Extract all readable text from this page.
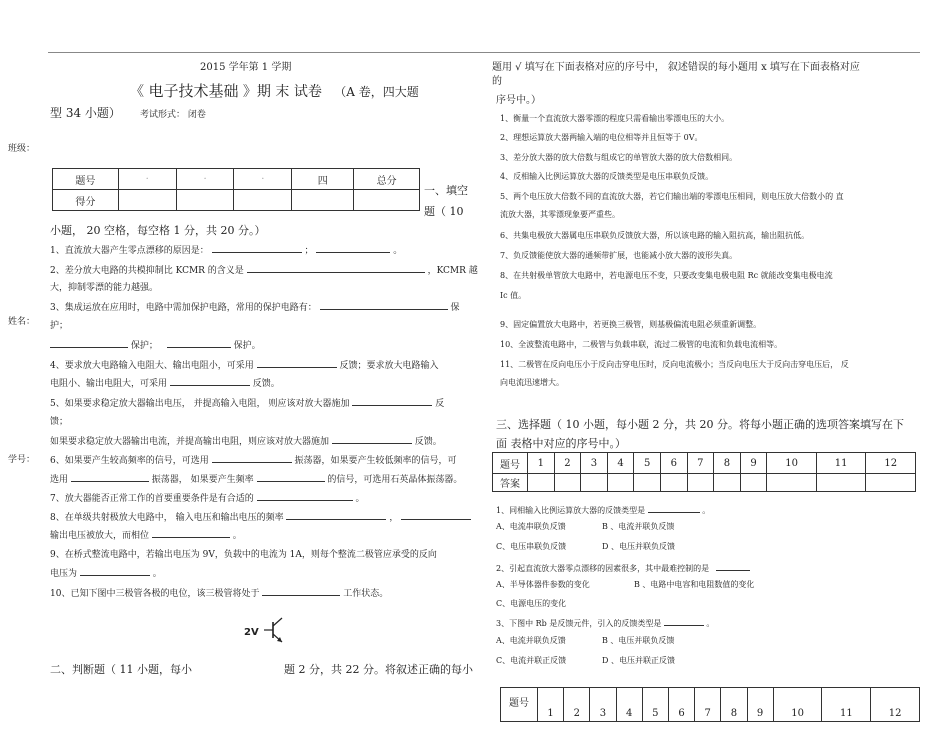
2015 学年第 1 学期
《 电子技术基础 》期 末 试卷 （A 卷，四大题
型 34 小题） 考试形式： 闭卷
班级：
姓名：
学号：
题号	·	·	·	四	总分
得分					
一、填空
题（ 10
小题， 20 空格，每空格 1 分，共 20 分。）
1、直流放大器产生零点漂移的原因是：	；	。
2、差分放大电路的共模抑制比 KCMR 的含义是	，KCMR 越
大，抑制零漂的能力越强。
3、集成运放在应用时，电路中需加保护电路，常用的保护电路有：	保
护；
保护；	保护。
4、要求放大电路输入电阻大、输出电阻小，可采用	反馈；要求放大电路输入
电阻小、输出电阻大，可采用	反馈。
5、如果要求稳定放大器输出电压， 并提高输入电阻， 则应该对放大器施加	反
馈；
如果要求稳定放大器输出电流，并提高输出电阻，则应该对放大器施加	反馈。
6、如果要产生较高频率的信号，可选用	振荡器，如果要产生较低频率的信号，可
选用	振荡器， 如果要产生频率	的信号，可选用石英晶体振荡器。
7、放大器能否正常工作的首要重要条件是有合适的	。
8、在单级共射极放大电路中， 输入电压和输出电压的频率	，
输出电压被放大，而相位	。
9、在桥式整流电路中，若输出电压为 9V，负载中的电流为 1A，则每个整流二极管应承受的反向
电压为	。
10、已知下图中三极管各极的电位，该三极管将处于	工作状态。
2V
二、判断题（ 11 小题，每小	题 2 分，共 22 分。将叙述正确的每小
题用 √ 填写在下面表格对应的序号中， 叙述错误的每小题用 x 填写在下面表格对应
的
序号中。）
1、衡量一个直流放大器零漂的程度只需看输出零漂电压的大小。
2、理想运算放大器两输入端的电位相等并且恒等于 0V。
3、差分放大器的放大倍数与组成它的单管放大器的放大倍数相同。
4、反相输入比例运算放大器的反馈类型是电压串联负反馈。
5、两个电压放大倍数不同的直流放大器，若它们输出端的零漂电压相同，则电压放大倍数小的 直
流放大器，其零漂现象要严重些。
6、共集电极放大器属电压串联负反馈放大器，所以该电路的输入阻抗高，输出阻抗低。
7、负反馈能使放大器的通频带扩展，也能减小放大器的波形失真。
8、在共射极单管放大电路中，若电源电压不变，只要改变集电极电阻 Rc 就能改变集电极电流
Ic 值。
9、固定偏置放大电路中，若更换三极管，则基极偏流电阻必须重新调整。
10、全波整流电路中，二极管与负载串联，流过二极管的电流和负载电流相等。
11、二极管在反向电压小于反向击穿电压时，反向电流极小；当反向电压大于反向击穿电压后， 反
向电流迅速增大。
三、选择题（ 10 小题，每小题 2 分，共 20 分。将每小题正确的选项答案填写在下
面 表格中对应的序号中。）
题号	1	2	3	4	5	6	7	8	9	10	11	12
答案												
1、同相输入比例运算放大器的反馈类型是	。
A、电流串联负反馈	B 、电流并联负反馈
C、电压串联负反馈	D 、电压并联负反馈
2、引起直流放大器零点漂移的因素很多，其中最难控制的是
A、半导体器件参数的变化	B 、电路中电容和电阻数值的变化
C、电源电压的变化
3、下图中 Rb 是反馈元件，引入的反馈类型是	。
A、电流并联负反馈	B 、电压并联负反馈
C、电流并联正反馈	D 、电压并联正反馈
题号	1	2	3	4	5	6	7	8	9	10	11	12
